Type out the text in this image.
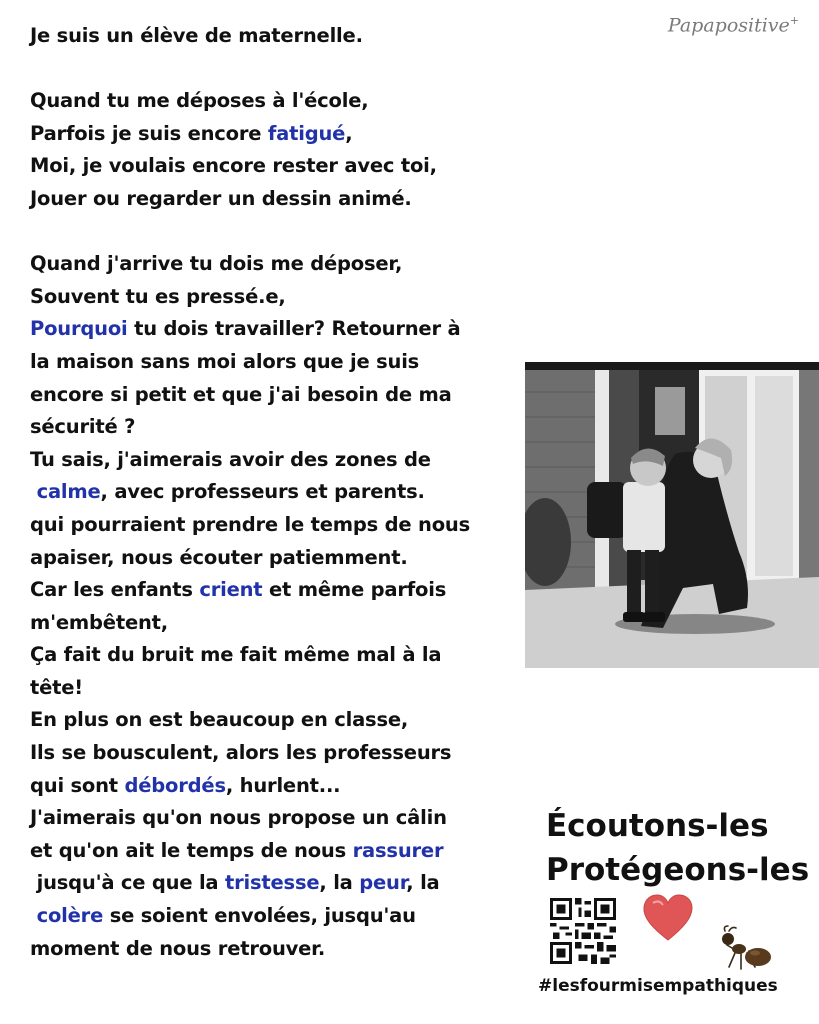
Papapositive+
Je suis un élève de maternelle.
Quand tu me déposes à l'école,
Parfois je suis encore fatigué,
Moi, je voulais encore rester avec toi,
Jouer ou regarder un dessin animé.
Quand j'arrive tu dois me déposer,
Souvent tu es pressé.e,
Pourquoi tu dois travailler? Retourner à
la maison sans moi alors que je suis
encore si petit et que j'ai besoin de ma
sécurité ?
Tu sais, j'aimerais avoir des zones de
calme, avec professeurs et parents.
qui pourraient prendre le temps de nous
apaiser, nous écouter patiemment.
Car les enfants crient et même parfois
m'embêtent,
Ça fait du bruit me fait même mal à la
tête!
En plus on est beaucoup en classe,
Ils se bousculent, alors les professeurs
qui sont débordés, hurlent...
J'aimerais qu'on nous propose un câlin
et qu'on ait le temps de nous rassurer
jusqu'à ce que la tristesse, la peur, la
colère se soient envolées, jusqu'au
moment de nous retrouver.
Écoutons-les
Protégeons-les
#lesfourmisempathiques
